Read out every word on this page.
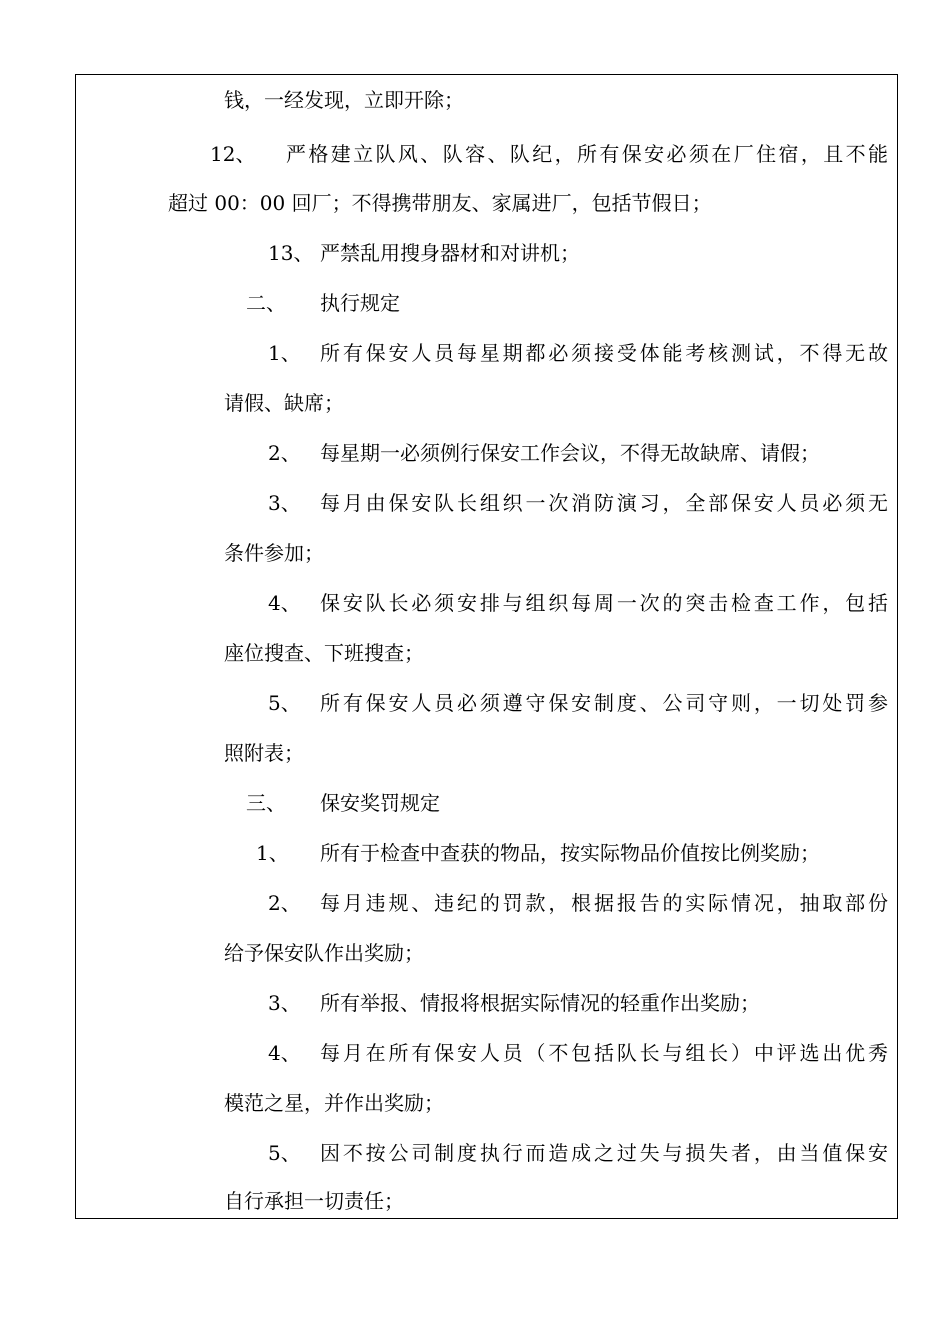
钱，一经发现，立即开除；
12、 严格建立队风、队容、队纪，所有保安必须在厂住宿，且不能
超过 00：00 回厂；不得携带朋友、家属进厂，包括节假日；
13、 严禁乱用搜身器材和对讲机；
二、 执行规定
1、 所有保安人员每星期都必须接受体能考核测试，不得无故
请假、缺席；
2、 每星期一必须例行保安工作会议，不得无故缺席、请假；
3、 每月由保安队长组织一次消防演习，全部保安人员必须无
条件参加；
4、 保安队长必须安排与组织每周一次的突击检查工作，包括
座位搜查、下班搜查；
5、 所有保安人员必须遵守保安制度、公司守则，一切处罚参
照附表；
三、 保安奖罚规定
1、 所有于检查中查获的物品，按实际物品价值按比例奖励；
2、 每月违规、违纪的罚款，根据报告的实际情况，抽取部份
给予保安队作出奖励；
3、 所有举报、情报将根据实际情况的轻重作出奖励；
4、 每月在所有保安人员（不包括队长与组长）中评选出优秀
模范之星，并作出奖励；
5、 因不按公司制度执行而造成之过失与损失者，由当值保安
自行承担一切责任；
